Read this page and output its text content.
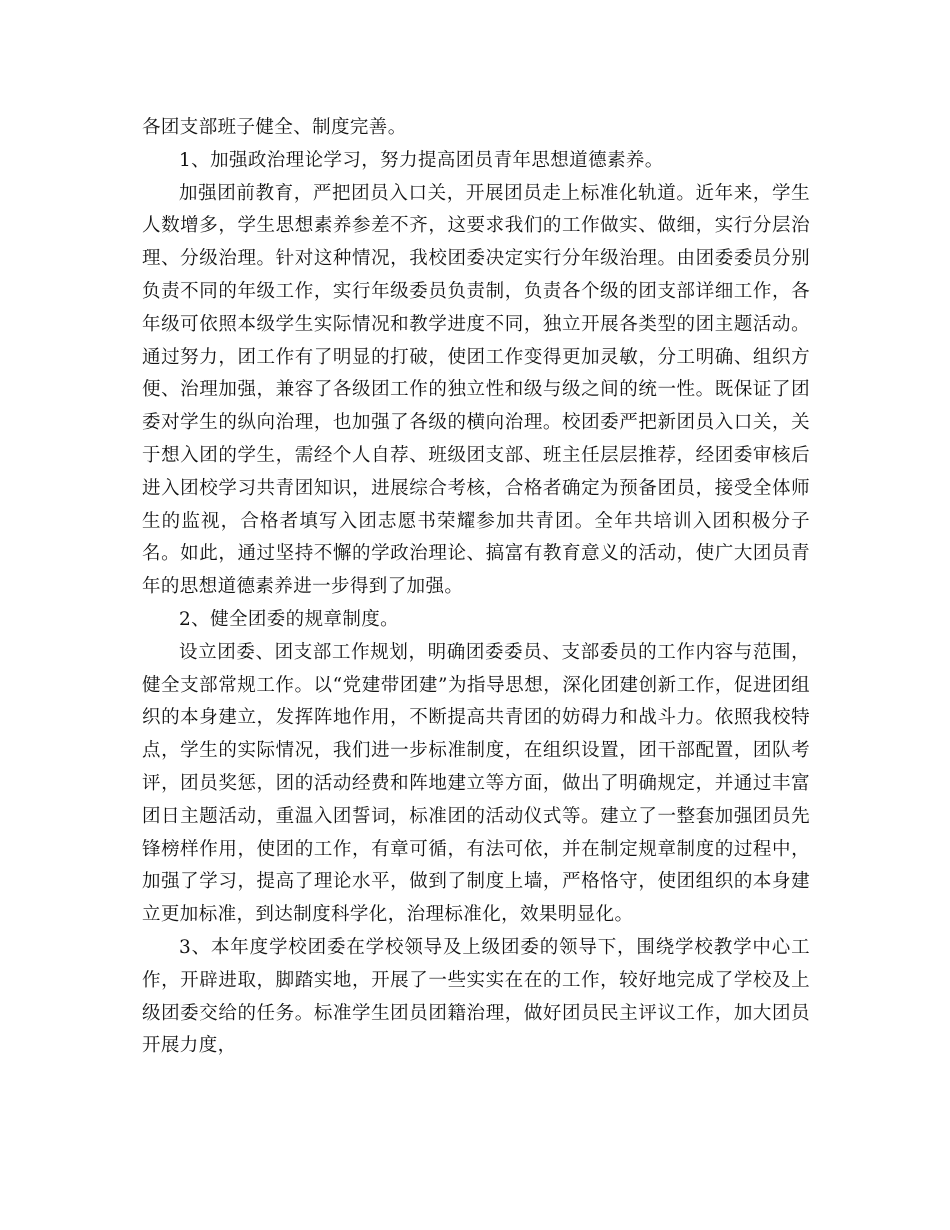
各团支部班子健全、制度完善。

1、加强政治理论学习，努力提高团员青年思想道德素养。

加强团前教育，严把团员入口关，开展团员走上标准化轨道。近年来，学生人数增多，学生思想素养参差不齐，这要求我们的工作做实、做细，实行分层治理、分级治理。针对这种情况，我校团委决定实行分年级治理。由团委委员分别负责不同的年级工作，实行年级委员负责制，负责各个级的团支部详细工作，各年级可依照本级学生实际情况和教学进度不同，独立开展各类型的团主题活动。通过努力，团工作有了明显的打破，使团工作变得更加灵敏，分工明确、组织方便、治理加强，兼容了各级团工作的独立性和级与级之间的统一性。既保证了团委对学生的纵向治理，也加强了各级的横向治理。校团委严把新团员入口关，关于想入团的学生，需经个人自荐、班级团支部、班主任层层推荐，经团委审核后进入团校学习共青团知识，进展综合考核，合格者确定为预备团员，接受全体师生的监视，合格者填写入团志愿书荣耀参加共青团。全年共培训入团积极分子名。如此，通过坚持不懈的学政治理论、搞富有教育意义的活动，使广大团员青年的思想道德素养进一步得到了加强。

2、健全团委的规章制度。

设立团委、团支部工作规划，明确团委委员、支部委员的工作内容与范围，健全支部常规工作。以“党建带团建”为指导思想，深化团建创新工作，促进团组织的本身建立，发挥阵地作用，不断提高共青团的妨碍力和战斗力。依照我校特点，学生的实际情况，我们进一步标准制度，在组织设置，团干部配置，团队考评，团员奖惩，团的活动经费和阵地建立等方面，做出了明确规定，并通过丰富团日主题活动，重温入团誓词，标准团的活动仪式等。建立了一整套加强团员先锋榜样作用，使团的工作，有章可循，有法可依，并在制定规章制度的过程中，加强了学习，提高了理论水平，做到了制度上墙，严格恪守，使团组织的本身建立更加标准，到达制度科学化，治理标准化，效果明显化。

3、本年度学校团委在学校领导及上级团委的领导下，围绕学校教学中心工作，开辟进取，脚踏实地，开展了一些实实在在的工作，较好地完成了学校及上级团委交给的任务。标准学生团员团籍治理，做好团员民主评议工作，加大团员开展力度，
